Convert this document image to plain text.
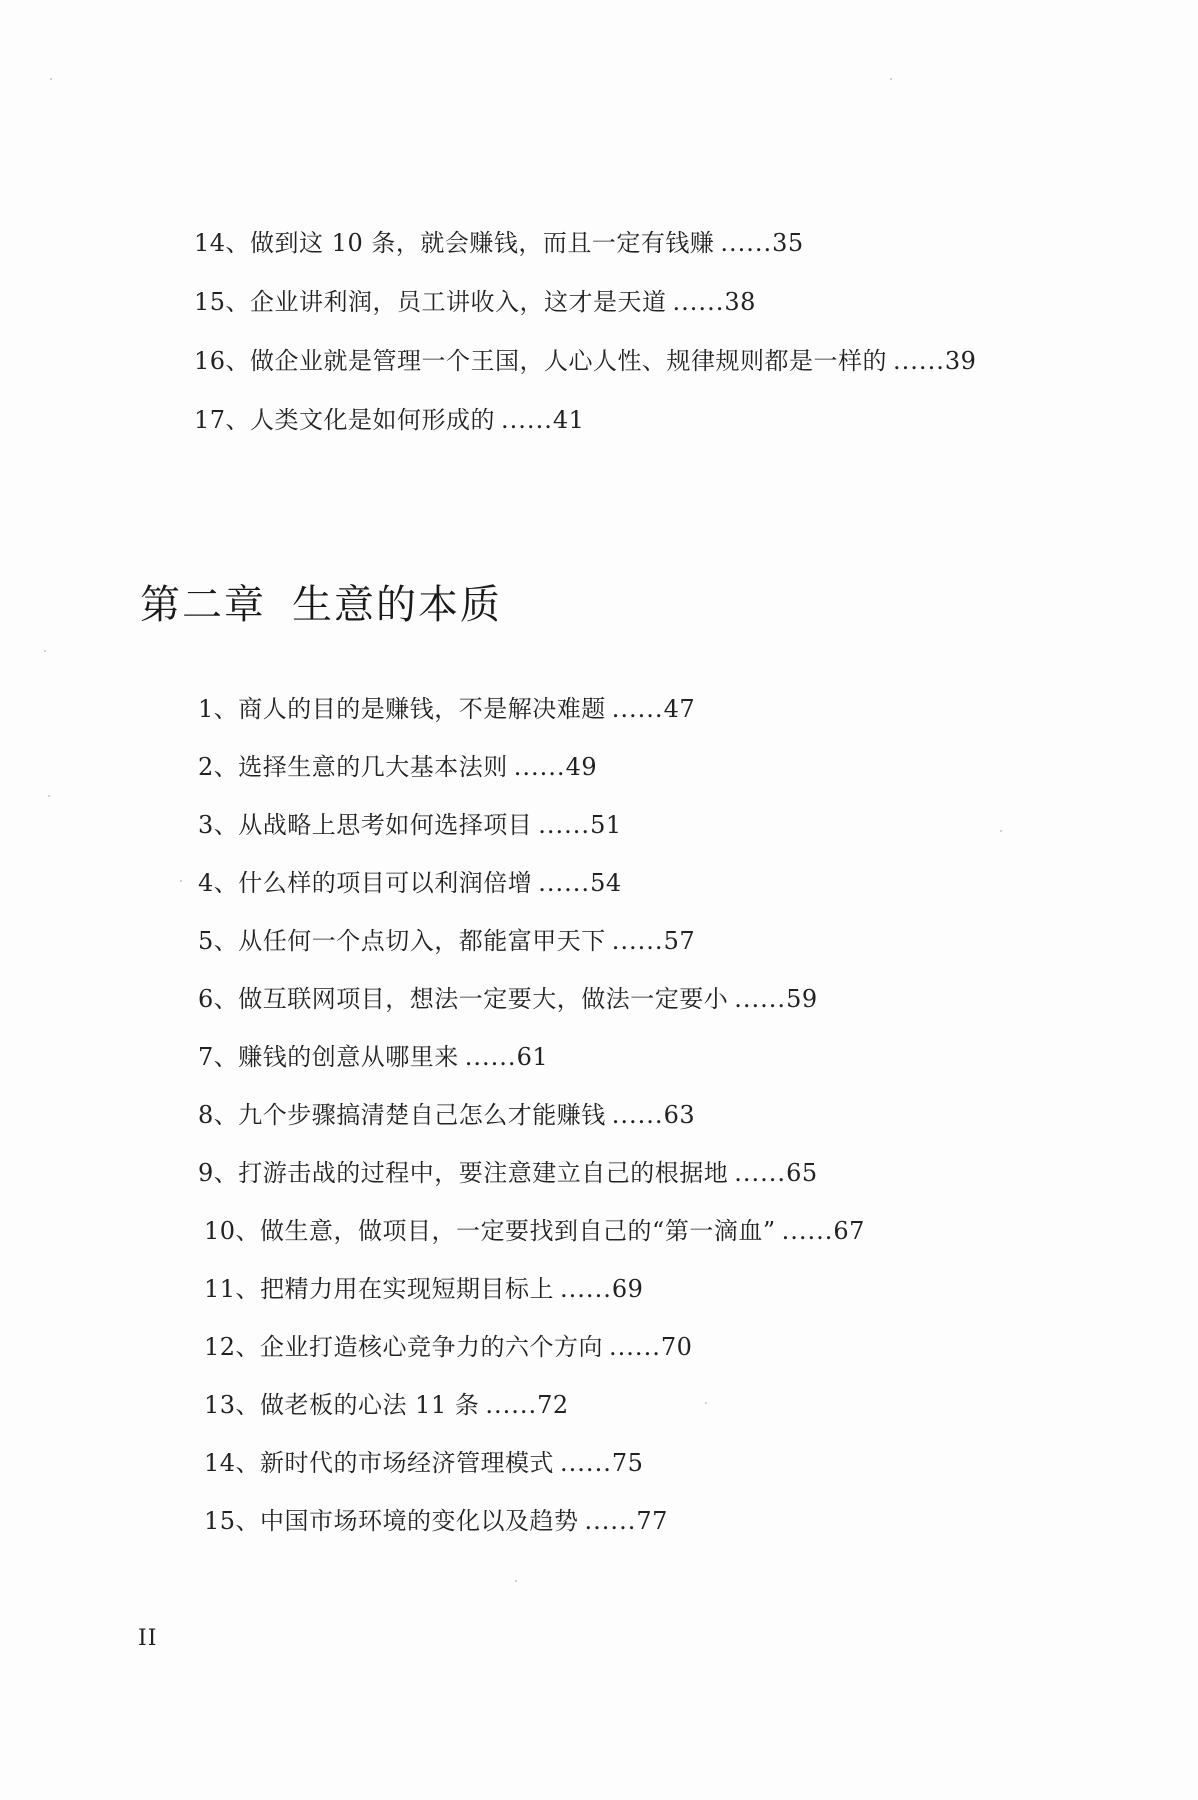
14、做到这 10 条，就会赚钱，而且一定有钱赚 ......35
15、企业讲利润，员工讲收入，这才是天道 ......38
16、做企业就是管理一个王国，人心人性、规律规则都是一样的 ......39
17、人类文化是如何形成的 ......41
第二章 生意的本质
1、商人的目的是赚钱，不是解决难题 ......47
2、选择生意的几大基本法则 ......49
3、从战略上思考如何选择项目 ......51
4、什么样的项目可以利润倍增 ......54
5、从任何一个点切入，都能富甲天下 ......57
6、做互联网项目，想法一定要大，做法一定要小 ......59
7、赚钱的创意从哪里来 ......61
8、九个步骤搞清楚自己怎么才能赚钱 ......63
9、打游击战的过程中，要注意建立自己的根据地 ......65
10、做生意，做项目，一定要找到自己的“第一滴血” ......67
11、把精力用在实现短期目标上 ......69
12、企业打造核心竞争力的六个方向 ......70
13、做老板的心法 11 条 ......72
14、新时代的市场经济管理模式 ......75
15、中国市场环境的变化以及趋势 ......77
II
